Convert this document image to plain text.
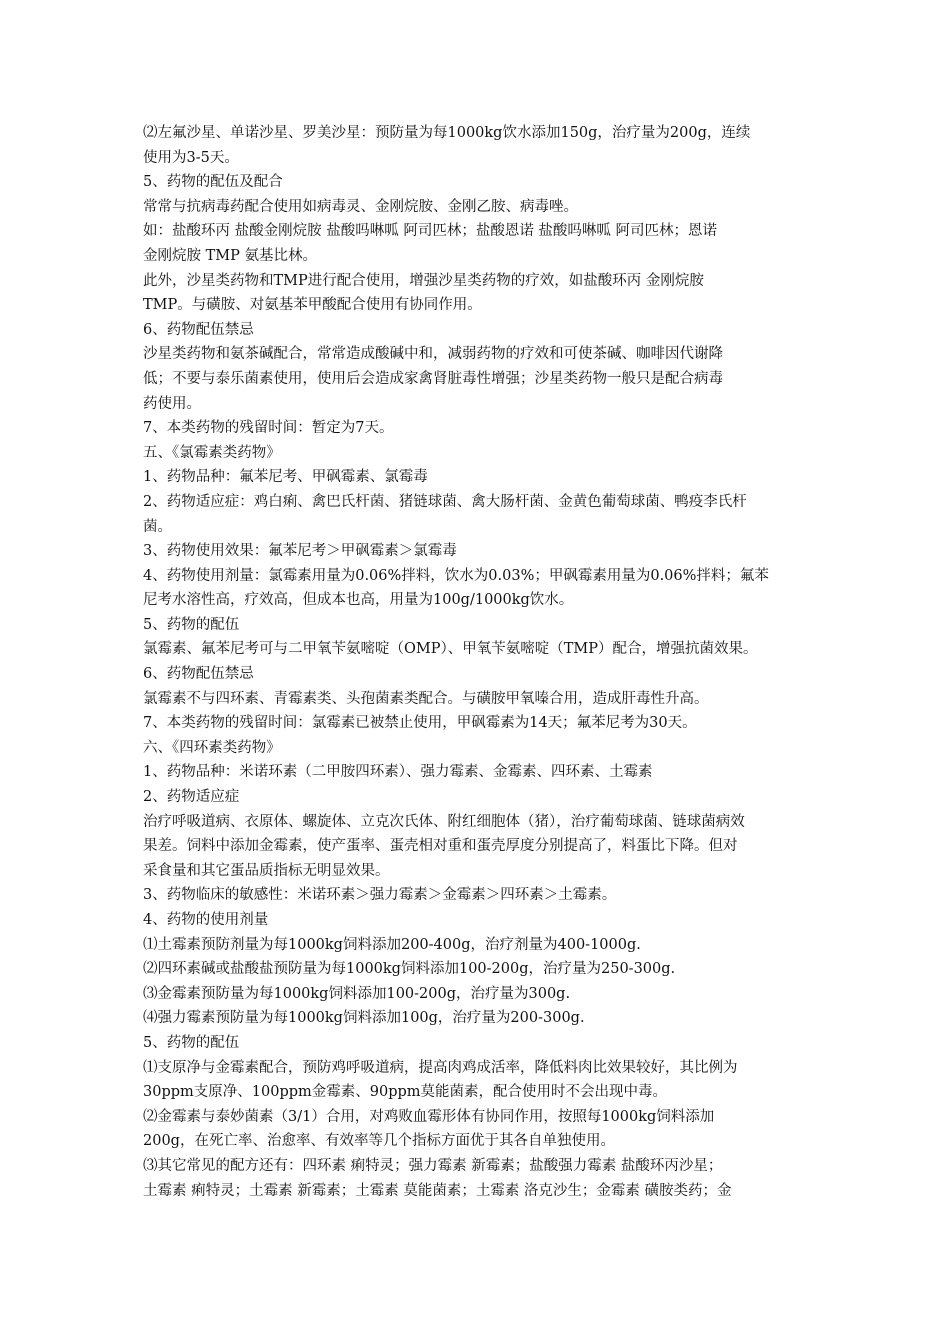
⑵左氟沙星、单诺沙星、罗美沙星：预防量为每1000kg饮水添加150g，治疗量为200g，连续
使用为3-5天。
5、药物的配伍及配合
常常与抗病毒药配合使用如病毒灵、金刚烷胺、金刚乙胺、病毒唑。
如：盐酸环丙 盐酸金刚烷胺 盐酸吗啉呱 阿司匹林；盐酸恩诺 盐酸吗啉呱 阿司匹林；恩诺
金刚烷胺 TMP 氨基比林。
此外，沙星类药物和TMP进行配合使用，增强沙星类药物的疗效，如盐酸环丙 金刚烷胺
TMP。与磺胺、对氨基苯甲酸配合使用有协同作用。
6、药物配伍禁忌
沙星类药物和氨茶碱配合，常常造成酸碱中和，减弱药物的疗效和可使茶碱、咖啡因代谢降
低；不要与泰乐菌素使用，使用后会造成家禽肾脏毒性增强；沙星类药物一般只是配合病毒
药使用。
7、本类药物的残留时间：暂定为7天。
五、《氯霉素类药物》
1、药物品种：氟苯尼考、甲砜霉素、氯霉毒
2、药物适应症：鸡白痢、禽巴氏杆菌、猪链球菌、禽大肠杆菌、金黄色葡萄球菌、鸭疫李氏杆
菌。
3、药物使用效果：氟苯尼考＞甲砜霉素＞氯霉毒
4、药物使用剂量：氯霉素用量为0.06%拌料，饮水为0.03%；甲砜霉素用量为0.06%拌料；氟苯
尼考水溶性高，疗效高，但成本也高，用量为100g/1000kg饮水。
5、药物的配伍
氯霉素、氟苯尼考可与二甲氧苄氨嘧啶（OMP）、甲氧苄氨嘧啶（TMP）配合，增强抗菌效果。
6、药物配伍禁忌
氯霉素不与四环素、青霉素类、头孢菌素类配合。与磺胺甲氧嗪合用，造成肝毒性升高。
7、本类药物的残留时间：氯霉素已被禁止使用，甲砜霉素为14天；氟苯尼考为30天。
六、《四环素类药物》
1、药物品种：米诺环素（二甲胺四环素）、强力霉素、金霉素、四环素、土霉素
2、药物适应症
治疗呼吸道病、衣原体、螺旋体、立克次氏体、附红细胞体（猪），治疗葡萄球菌、链球菌病效
果差。饲料中添加金霉素，使产蛋率、蛋壳相对重和蛋壳厚度分别提高了，料蛋比下降。但对
采食量和其它蛋品质指标无明显效果。
3、药物临床的敏感性：米诺环素＞强力霉素＞金霉素＞四环素＞土霉素。
4、药物的使用剂量
⑴土霉素预防剂量为每1000kg饲料添加200-400g，治疗剂量为400-1000g.
⑵四环素碱或盐酸盐预防量为每1000kg饲料添加100-200g，治疗量为250-300g.
⑶金霉素预防量为每1000kg饲料添加100-200g，治疗量为300g.
⑷强力霉素预防量为每1000kg饲料添加100g，治疗量为200-300g.
5、药物的配伍
⑴支原净与金霉素配合，预防鸡呼吸道病，提高肉鸡成活率，降低料肉比效果较好，其比例为
30ppm支原净、100ppm金霉素、90ppm莫能菌素，配合使用时不会出现中毒。
⑵金霉素与泰妙菌素（3/1）合用，对鸡败血霉形体有协同作用，按照每1000kg饲料添加
200g，在死亡率、治愈率、有效率等几个指标方面优于其各自单独使用。
⑶其它常见的配方还有：四环素 痢特灵；强力霉素 新霉素；盐酸强力霉素 盐酸环丙沙星；
土霉素 痢特灵；土霉素 新霉素；土霉素 莫能菌素；土霉素 洛克沙生；金霉素 磺胺类药；金
